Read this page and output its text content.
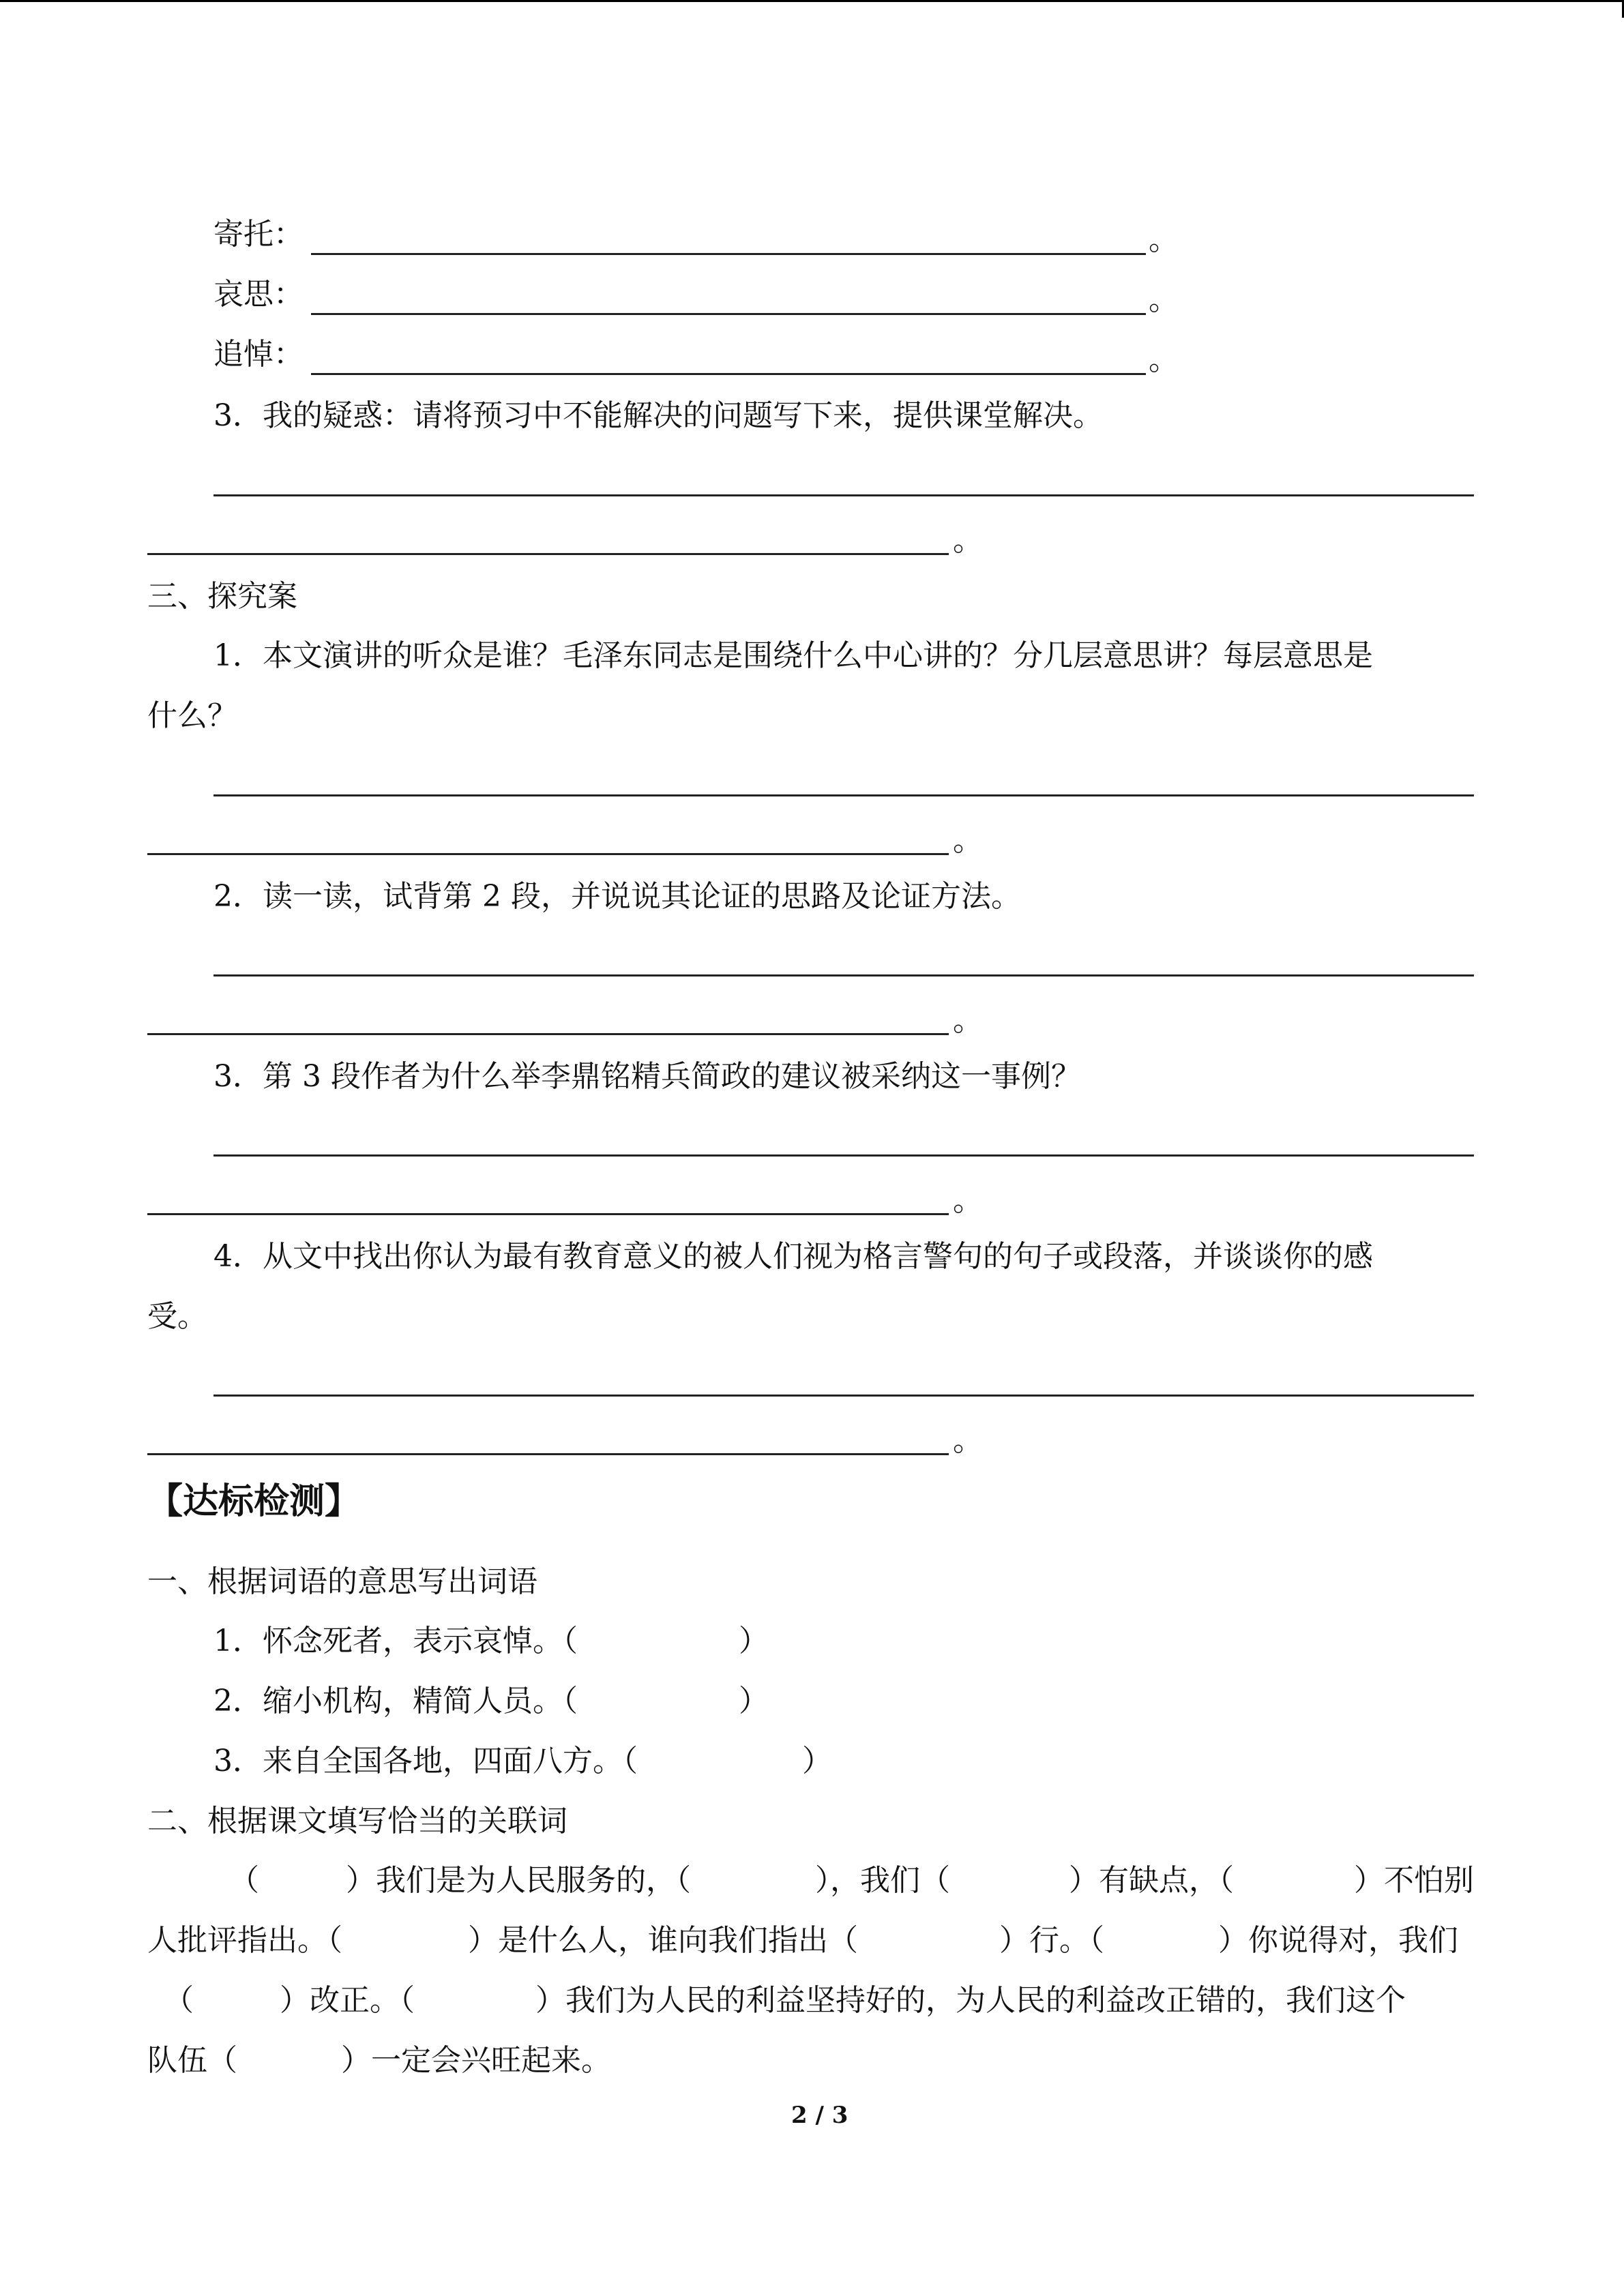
寄托：	。
哀思：	。
追悼：	。
3．我的疑惑：请将预习中不能解决的问题写下来，提供课堂解决。
。
三、探究案
1．本文演讲的听众是谁？毛泽东同志是围绕什么中心讲的？分几层意思讲？每层意思是
什么？
。
2．读一读，试背第 2 段，并说说其论证的思路及论证方法。
。
3．第 3 段作者为什么举李鼎铭精兵简政的建议被采纳这一事例？
。
4．从文中找出你认为最有教育意义的被人们视为格言警句的句子或段落，并谈谈你的感
受。
。
【达标检测】
一、根据词语的意思写出词语
1．怀念死者，表示哀悼。（	）
2．缩小机构，精简人员。（	）
3．来自全国各地，四面八方。（	）
二、根据课文填写恰当的关联词
（	）我们是为人民服务的，（	），我们（	）有缺点，（	）不怕别
人批评指出。（	）是什么人，谁向我们指出（	）行。（	）你说得对，我们
（	）改正。（	）我们为人民的利益坚持好的，为人民的利益改正错的，我们这个
队伍（	）一定会兴旺起来。
2 / 3
